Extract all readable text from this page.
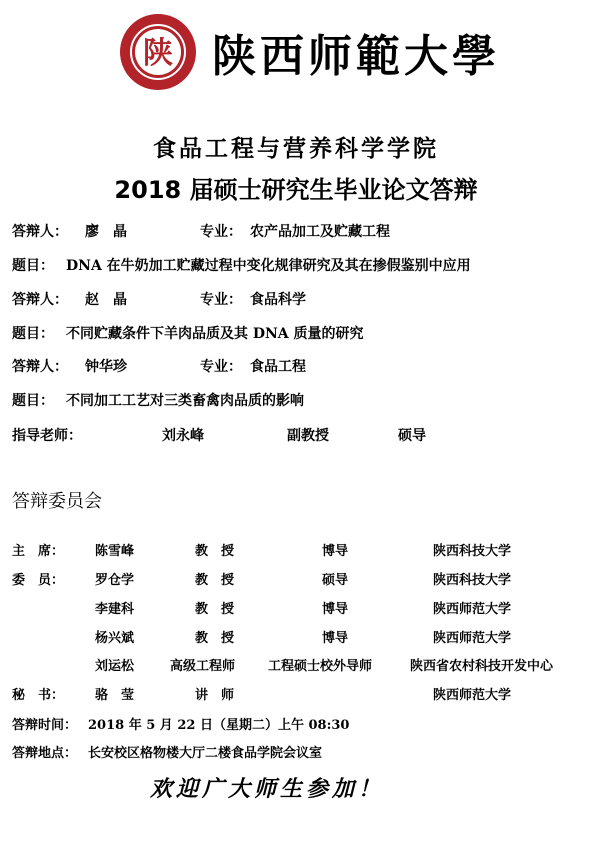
陕 陕西师範大學
食品工程与营养科学学院
2018 届硕士研究生毕业论文答辩
答辩人： 廖　晶	专业： 农产品加工及贮藏工程
题目： DNA 在牛奶加工贮藏过程中变化规律研究及其在掺假鉴别中应用
答辩人： 赵　晶	专业： 食品科学
题目： 不同贮藏条件下羊肉品质及其 DNA 质量的研究
答辩人： 钟华珍	专业： 食品工程
题目： 不同加工工艺对三类畜禽肉品质的影响
指导老师：	刘永峰	副教授	硕导
答辩委员会
主　席： 陈雪峰	教　授	博导	陕西科技大学
委　员： 罗仓学	教　授	硕导	陕西科技大学
李建科	教　授	博导	陕西师范大学
杨兴斌	教　授	博导	陕西师范大学
刘运松	高级工程师	工程硕士校外导师	陕西省农村科技开发中心
秘　书： 骆　莹	讲　师	陕西师范大学
答辩时间： 2018 年 5 月 22 日（星期二）上午 08:30
答辩地点： 长安校区格物楼大厅二楼食品学院会议室
欢迎广大师生参加！
